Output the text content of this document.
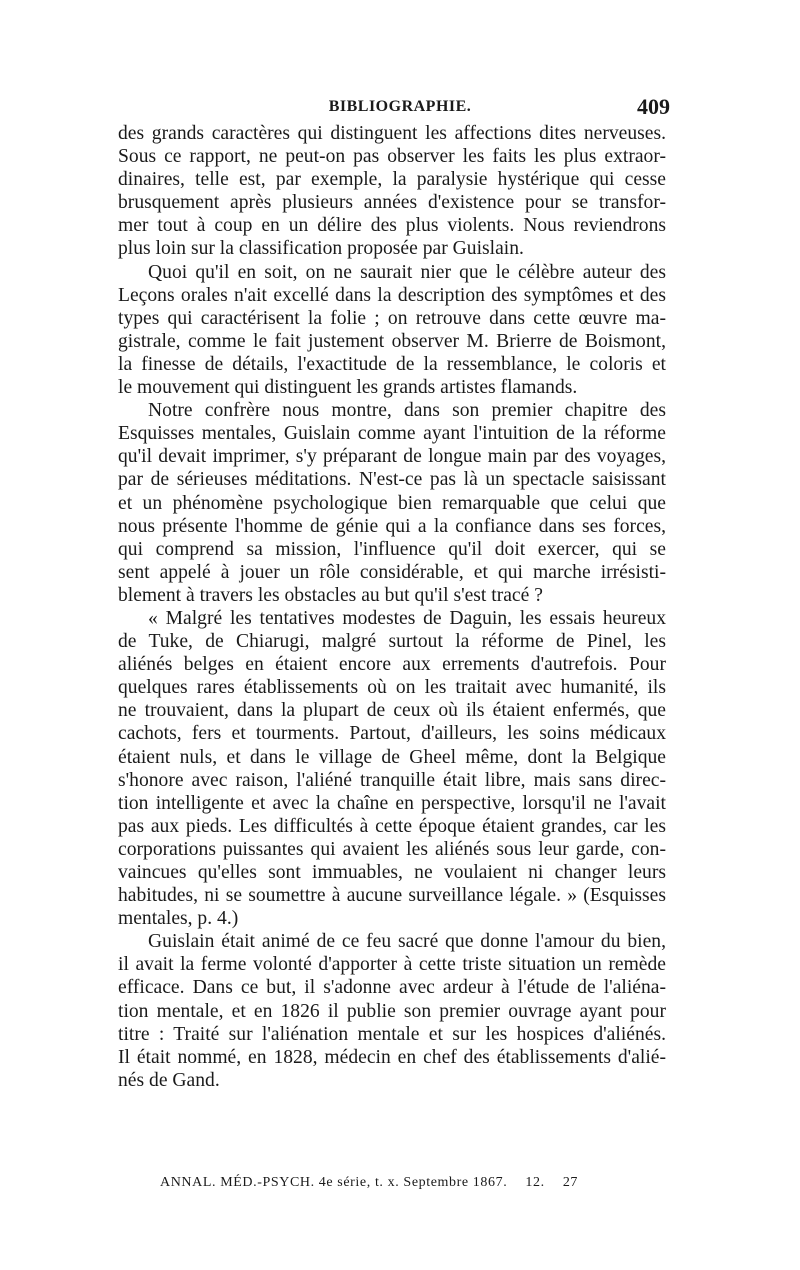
BIBLIOGRAPHIE.	409
des grands caractères qui distinguent les affections dites nerveuses.
Sous ce rapport, ne peut-on pas observer les faits les plus extraor-
dinaires, telle est, par exemple, la paralysie hystérique qui cesse
brusquement après plusieurs années d'existence pour se transfor-
mer tout à coup en un délire des plus violents. Nous reviendrons
plus loin sur la classification proposée par Guislain.
Quoi qu'il en soit, on ne saurait nier que le célèbre auteur des
Leçons orales n'ait excellé dans la description des symptômes et des
types qui caractérisent la folie ; on retrouve dans cette œuvre ma-
gistrale, comme le fait justement observer M. Brierre de Boismont,
la finesse de détails, l'exactitude de la ressemblance, le coloris et
le mouvement qui distinguent les grands artistes flamands.
Notre confrère nous montre, dans son premier chapitre des
Esquisses mentales, Guislain comme ayant l'intuition de la réforme
qu'il devait imprimer, s'y préparant de longue main par des voyages,
par de sérieuses méditations. N'est-ce pas là un spectacle saisissant
et un phénomène psychologique bien remarquable que celui que
nous présente l'homme de génie qui a la confiance dans ses forces,
qui comprend sa mission, l'influence qu'il doit exercer, qui se
sent appelé à jouer un rôle considérable, et qui marche irrésisti-
blement à travers les obstacles au but qu'il s'est tracé ?
« Malgré les tentatives modestes de Daguin, les essais heureux
de Tuke, de Chiarugi, malgré surtout la réforme de Pinel, les
aliénés belges en étaient encore aux errements d'autrefois. Pour
quelques rares établissements où on les traitait avec humanité, ils
ne trouvaient, dans la plupart de ceux où ils étaient enfermés, que
cachots, fers et tourments. Partout, d'ailleurs, les soins médicaux
étaient nuls, et dans le village de Gheel même, dont la Belgique
s'honore avec raison, l'aliéné tranquille était libre, mais sans direc-
tion intelligente et avec la chaîne en perspective, lorsqu'il ne l'avait
pas aux pieds. Les difficultés à cette époque étaient grandes, car les
corporations puissantes qui avaient les aliénés sous leur garde, con-
vaincues qu'elles sont immuables, ne voulaient ni changer leurs
habitudes, ni se soumettre à aucune surveillance légale. » (Esquisses
mentales, p. 4.)
Guislain était animé de ce feu sacré que donne l'amour du bien,
il avait la ferme volonté d'apporter à cette triste situation un remède
efficace. Dans ce but, il s'adonne avec ardeur à l'étude de l'aliéna-
tion mentale, et en 1826 il publie son premier ouvrage ayant pour
titre : Traité sur l'aliénation mentale et sur les hospices d'aliénés.
Il était nommé, en 1828, médecin en chef des établissements d'alié-
nés de Gand.
ANNAL. MÉD.-PSYCH. 4e série, t. x. Septembre 1867. 12. 27
